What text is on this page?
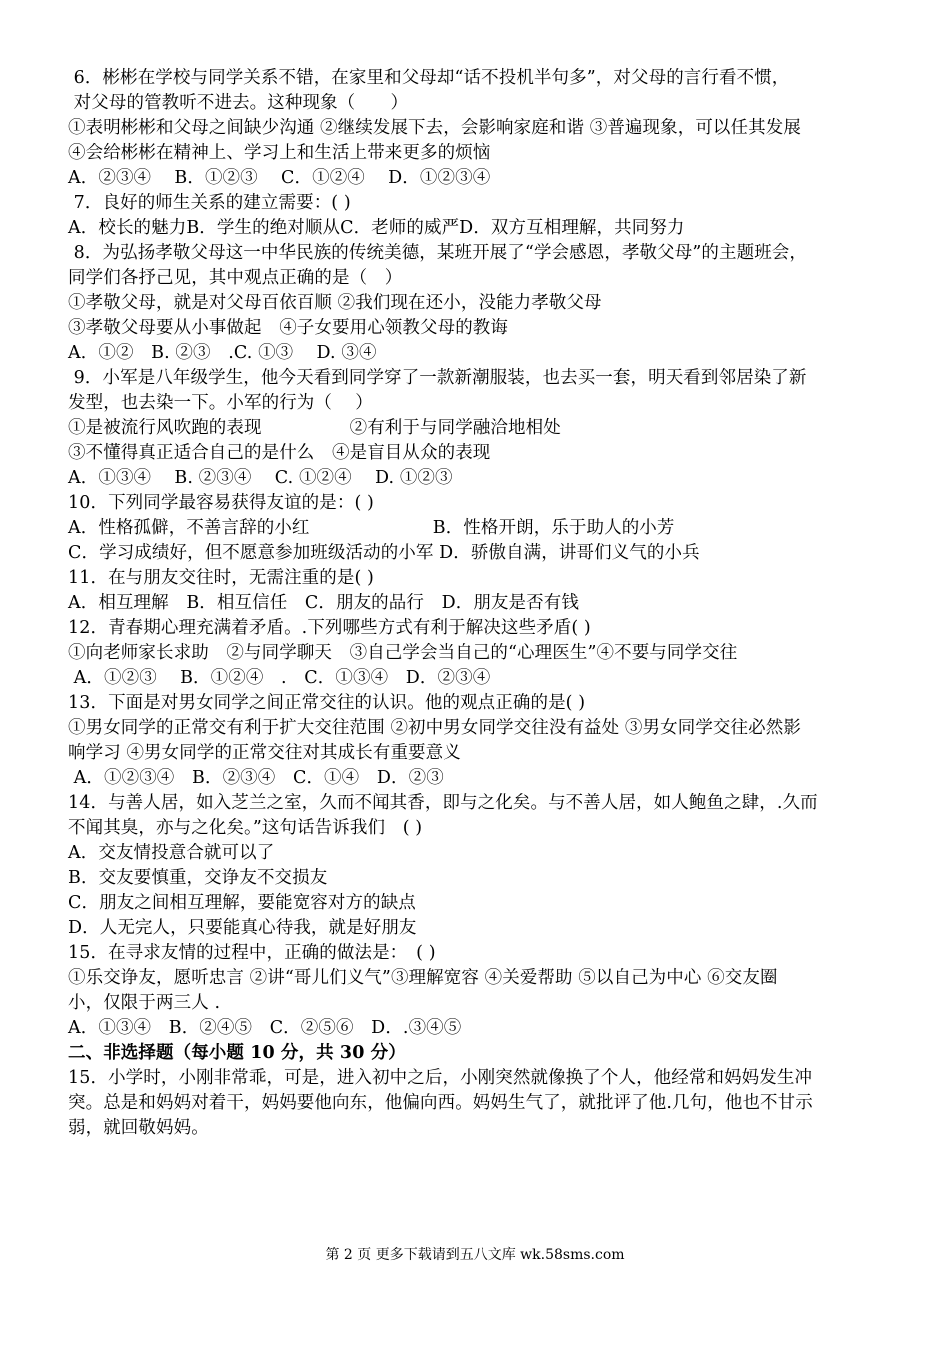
6．彬彬在学校与同学关系不错，在家里和父母却“话不投机半句多”，对父母的言行看不惯，

对父母的管教听不进去。这种现象（　　）

①表明彬彬和父母之间缺少沟通 ②继续发展下去，会影响家庭和谐 ③普遍现象，可以任其发展

④会给彬彬在精神上、学习上和生活上带来更多的烦恼

A．②③④　 B．①②③　 C．①②④　 D．①②③④

7．良好的师生关系的建立需要：( )

A．校长的魅力B．学生的绝对顺从C．老师的威严D．双方互相理解，共同努力

8．为弘扬孝敬父母这一中华民族的传统美德，某班开展了“学会感恩，孝敬父母”的主题班会，

同学们各抒己见，其中观点正确的是（　）

①孝敬父母，就是对父母百依百顺 ②我们现在还小，没能力孝敬父母

③孝敬父母要从小事做起　④子女要用心领教父母的教诲

A．①②　B. ②③　.C. ①③　 D. ③④

9．小军是八年级学生，他今天看到同学穿了一款新潮服装，也去买一套，明天看到邻居染了新

发型，也去染一下。小军的行为（　 ）

①是被流行风吹跑的表现　　　　　②有利于与同学融洽地相处

③不懂得真正适合自己的是什么　④是盲目从众的表现

A．①③④　 B. ②③④　 C. ①②④　 D. ①②③

10．下列同学最容易获得友谊的是：( )

A．性格孤僻，不善言辞的小红　　　　　　　B．性格开朗，乐于助人的小芳

C．学习成绩好，但不愿意参加班级活动的小军 D．骄傲自满，讲哥们义气的小兵

11．在与朋友交往时，无需注重的是( )

A．相互理解　B．相互信任　C．朋友的品行　D．朋友是否有钱

12．青春期心理充满着矛盾。.下列哪些方式有利于解决这些矛盾( )

①向老师家长求助　②与同学聊天　③自己学会当自己的“心理医生”④不要与同学交往

A．①②③　 B．①②④　.　C．①③④　D．②③④

13．下面是对男女同学之间正常交往的认识。他的观点正确的是( )

①男女同学的正常交有利于扩大交往范围 ②初中男女同学交往没有益处 ③男女同学交往必然影

响学习 ④男女同学的正常交往对其成长有重要意义

A．①②③④　B．②③④　C．①④　D．②③

14．与善人居，如入芝兰之室，久而不闻其香，即与之化矣。与不善人居，如人鲍鱼之肆，.久而

不闻其臭，亦与之化矣。”这句话告诉我们　( )

A．交友情投意合就可以了

B．交友要慎重，交诤友不交损友

C．朋友之间相互理解，要能宽容对方的缺点

D．人无完人，只要能真心待我，就是好朋友

15．在寻求友情的过程中，正确的做法是：　( )

①乐交诤友，愿听忠言 ②讲“哥儿们义气”③理解宽容 ④关爱帮助 ⑤以自己为中心 ⑥交友圈

小，仅限于两三人 .

A．①③④　B．②④⑤　C．②⑤⑥　D．.③④⑤

二、非选择题（每小题 10 分，共 30 分）

15．小学时，小刚非常乖，可是，进入初中之后，小刚突然就像换了个人，他经常和妈妈发生冲

突。总是和妈妈对着干，妈妈要他向东，他偏向西。妈妈生气了，就批评了他.几句，他也不甘示

弱，就回敬妈妈。

第 2 页 更多下载请到五八文库 wk.58sms.com
